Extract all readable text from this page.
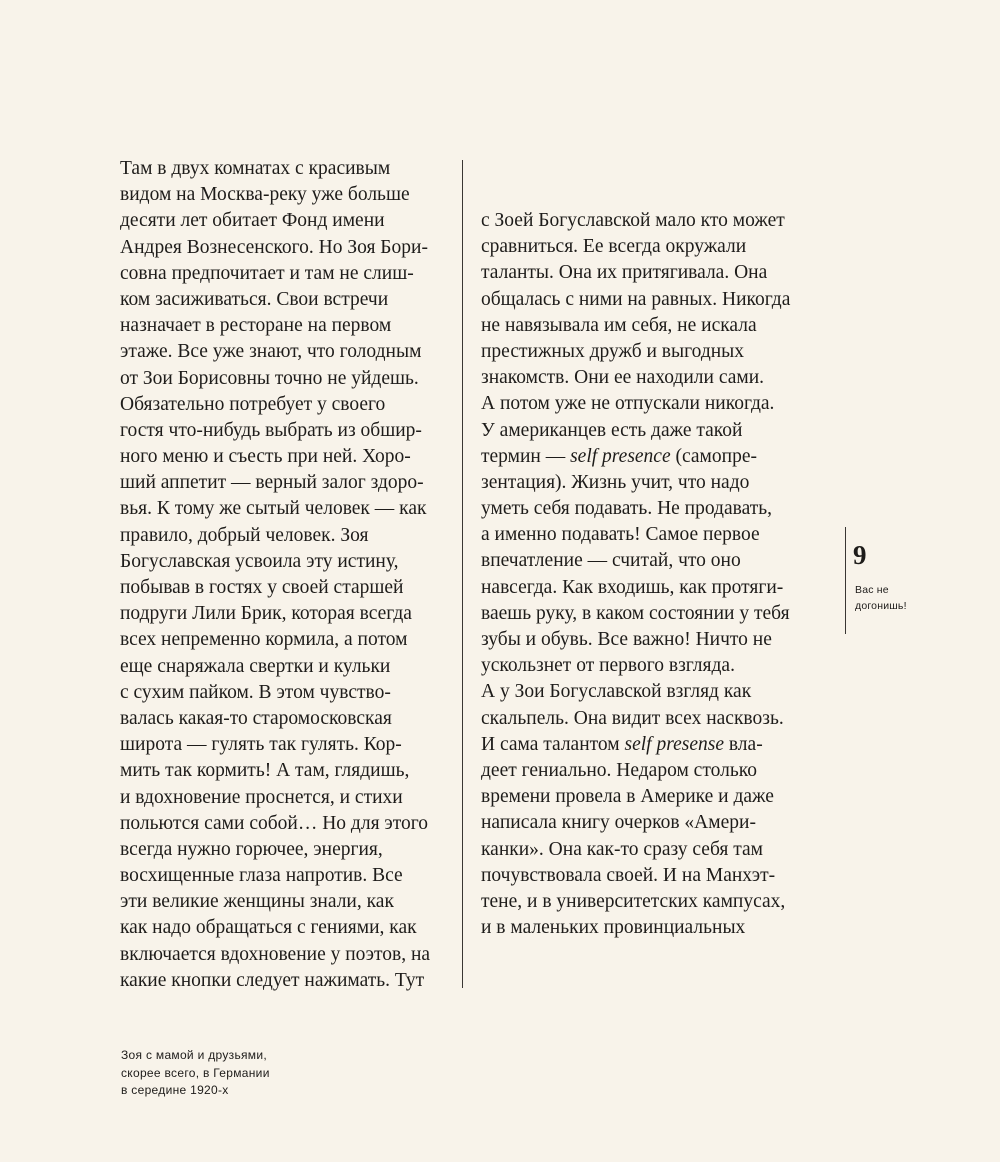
Там в двух комнатах с красивым
видом на Москва-реку уже больше
десяти лет обитает Фонд имени
Андрея Вознесенского. Но Зоя Бори-
совна предпочитает и там не слиш-
ком засиживаться. Свои встречи
назначает в ресторане на первом
этаже. Все уже знают, что голодным
от Зои Борисовны точно не уйдешь.
Обязательно потребует у своего
гостя что-нибудь выбрать из обшир-
ного меню и съесть при ней. Хоро-
ший аппетит — верный залог здоро-
вья. К тому же сытый человек — как
правило, добрый человек. Зоя
Богуславская усвоила эту истину,
побывав в гостях у своей старшей
подруги Лили Брик, которая всегда
всех непременно кормила, а потом
еще снаряжала свертки и кульки
с сухим пайком. В этом чувство-
валась какая-то старомосковская
широта — гулять так гулять. Кор-
мить так кормить! А там, глядишь,
и вдохновение проснется, и стихи
польются сами собой… Но для этого
всегда нужно горючее, энергия,
восхищенные глаза напротив. Все
эти великие женщины знали, как
как надо обращаться с гениями, как
включается вдохновение у поэтов, на
какие кнопки следует нажимать. Тут
с Зоей Богуславской мало кто может
сравниться. Ее всегда окружали
таланты. Она их притягивала. Она
общалась с ними на равных. Никогда
не навязывала им себя, не искала
престижных дружб и выгодных
знакомств. Они ее находили сами.
А потом уже не отпускали никогда.
У американцев есть даже такой
термин — self presence (самопре-
зентация). Жизнь учит, что надо
уметь себя подавать. Не продавать,
а именно подавать! Самое первое
впечатление — считай, что оно
навсегда. Как входишь, как протяги-
ваешь руку, в каком состоянии у тебя
зубы и обувь. Все важно! Ничто не
ускользнет от первого взгляда.
А у Зои Богуславской взгляд как
скальпель. Она видит всех насквозь.
И сама талантом self presense вла-
деет гениально. Недаром столько
времени провела в Америке и даже
написала книгу очерков «Амери-
канки». Она как-то сразу себя там
почувствовала своей. И на Манхэт-
тене, и в университетских кампусах,
и в маленьких провинциальных
9
Вас не
догонишь!
Зоя с мамой и друзьями,
скорее всего, в Германии
в середине 1920-х
